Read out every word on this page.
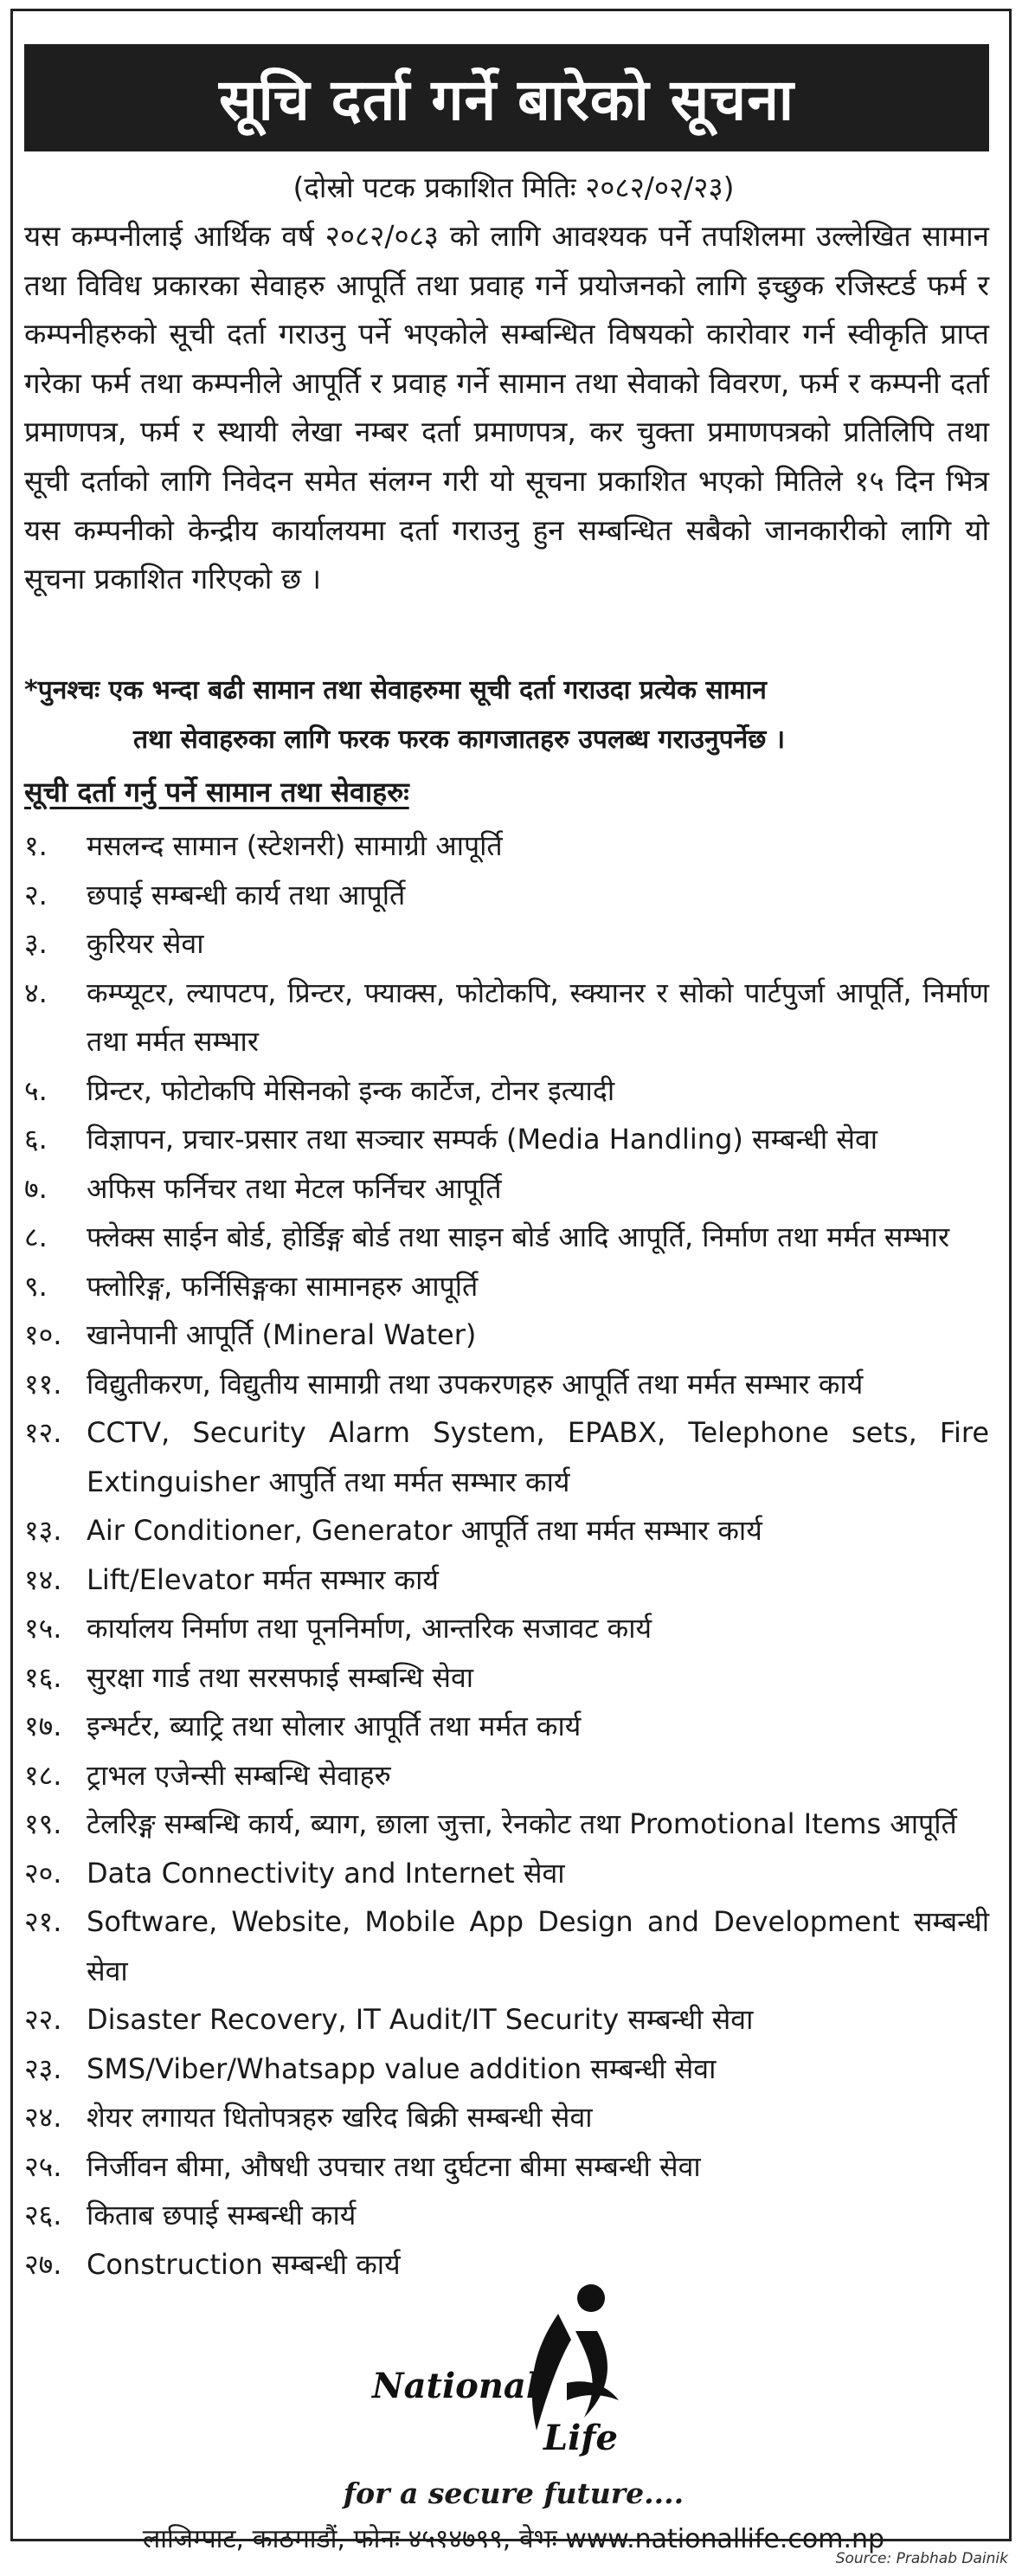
सूचि दर्ता गर्ने बारेको सूचना
(दोस्रो पटक प्रकाशित मितिः २०८२/०२/२३)

यस कम्पनीलाई आर्थिक वर्ष २०८२/०८३ को लागि आवश्यक पर्ने तपशिलमा उल्लेखित सामान तथा विविध प्रकारका सेवाहरु आपूर्ति तथा प्रवाह गर्ने प्रयोजनको लागि इच्छुक रजिस्टर्ड फर्म र कम्पनीहरुको सूची दर्ता गराउनु पर्ने भएकोले सम्बन्धित विषयको कारोवार गर्न स्वीकृति प्राप्त गरेका फर्म तथा कम्पनीले आपूर्ति र प्रवाह गर्ने सामान तथा सेवाको विवरण, फर्म र कम्पनी दर्ता प्रमाणपत्र, फर्म र स्थायी लेखा नम्बर दर्ता प्रमाणपत्र, कर चुक्ता प्रमाणपत्रको प्रतिलिपि तथा सूची दर्ताको लागि निवेदन समेत संलग्न गरी यो सूचना प्रकाशित भएको मितिले १५ दिन भित्र यस कम्पनीको केन्द्रीय कार्यालयमा दर्ता गराउनु हुन सम्बन्धित सबैको जानकारीको लागि यो सूचना प्रकाशित गरिएको छ ।

*पुनश्चः एक भन्दा बढी सामान तथा सेवाहरुमा सूची दर्ता गराउदा प्रत्येक सामान
तथा सेवाहरुका लागि फरक फरक कागजातहरु उपलब्ध गराउनुपर्नेछ ।
सूची दर्ता गर्नु पर्ने सामान तथा सेवाहरुः
१.	मसलन्द सामान (स्टेशनरी) सामाग्री आपूर्ति
२.	छपाई सम्बन्धी कार्य तथा आपूर्ति
३.	कुरियर सेवा
४.	कम्प्यूटर, ल्यापटप, प्रिन्टर, फ्याक्स, फोटोकपि, स्क्यानर र सोको पार्टपुर्जा आपूर्ति, निर्माण तथा मर्मत सम्भार
५.	प्रिन्टर, फोटोकपि मेसिनको इन्क कार्टेज, टोनर इत्यादी
६.	विज्ञापन, प्रचार-प्रसार तथा सञ्चार सम्पर्क (Media Handling) सम्बन्धी सेवा
७.	अफिस फर्निचर तथा मेटल फर्निचर आपूर्ति
८.	फ्लेक्स साईन बोर्ड, होर्डिङ्ग बोर्ड तथा साइन बोर्ड आदि आपूर्ति, निर्माण तथा मर्मत सम्भार
९.	फ्लोरिङ्ग, फर्निसिङ्गका सामानहरु आपूर्ति
१०. खानेपानी आपूर्ति (Mineral Water)
११. विद्युतीकरण, विद्युतीय सामाग्री तथा उपकरणहरु आपूर्ति तथा मर्मत सम्भार कार्य
१२. CCTV, Security Alarm System, EPABX, Telephone sets, Fire Extinguisher आपुर्ति तथा मर्मत सम्भार कार्य
१३. Air Conditioner, Generator आपूर्ति तथा मर्मत सम्भार कार्य
१४. Lift/Elevator मर्मत सम्भार कार्य
१५. कार्यालय निर्माण तथा पूननिर्माण, आन्तरिक सजावट कार्य
१६. सुरक्षा गार्ड तथा सरसफाई सम्बन्धि सेवा
१७. इन्भर्टर, ब्याट्रि तथा सोलार आपूर्ति तथा मर्मत कार्य
१८. ट्राभल एजेन्सी सम्बन्धि सेवाहरु
१९. टेलरिङ्ग सम्बन्धि कार्य, ब्याग, छाला जुत्ता, रेनकोट तथा Promotional Items आपूर्ति
२०. Data Connectivity and Internet सेवा
२१. Software, Website, Mobile App Design and Development सम्बन्धी सेवा
२२. Disaster Recovery, IT Audit/IT Security सम्बन्धी सेवा
२३. SMS/Viber/Whatsapp value addition सम्बन्धी सेवा
२४. शेयर लगायत धितोपत्रहरु खरिद बिक्री सम्बन्धी सेवा
२५. निर्जीवन बीमा, औषधी उपचार तथा दुर्घटना बीमा सम्बन्धी सेवा
२६. किताब छपाई सम्बन्धी कार्य
२७. Construction सम्बन्धी कार्य
National
Life
for a secure future....
लाजिम्पाट, काठमाडौं, फोनः ४५१४७९९, वेभः www.nationallife.com.np
Source: Prabhab Dainik
